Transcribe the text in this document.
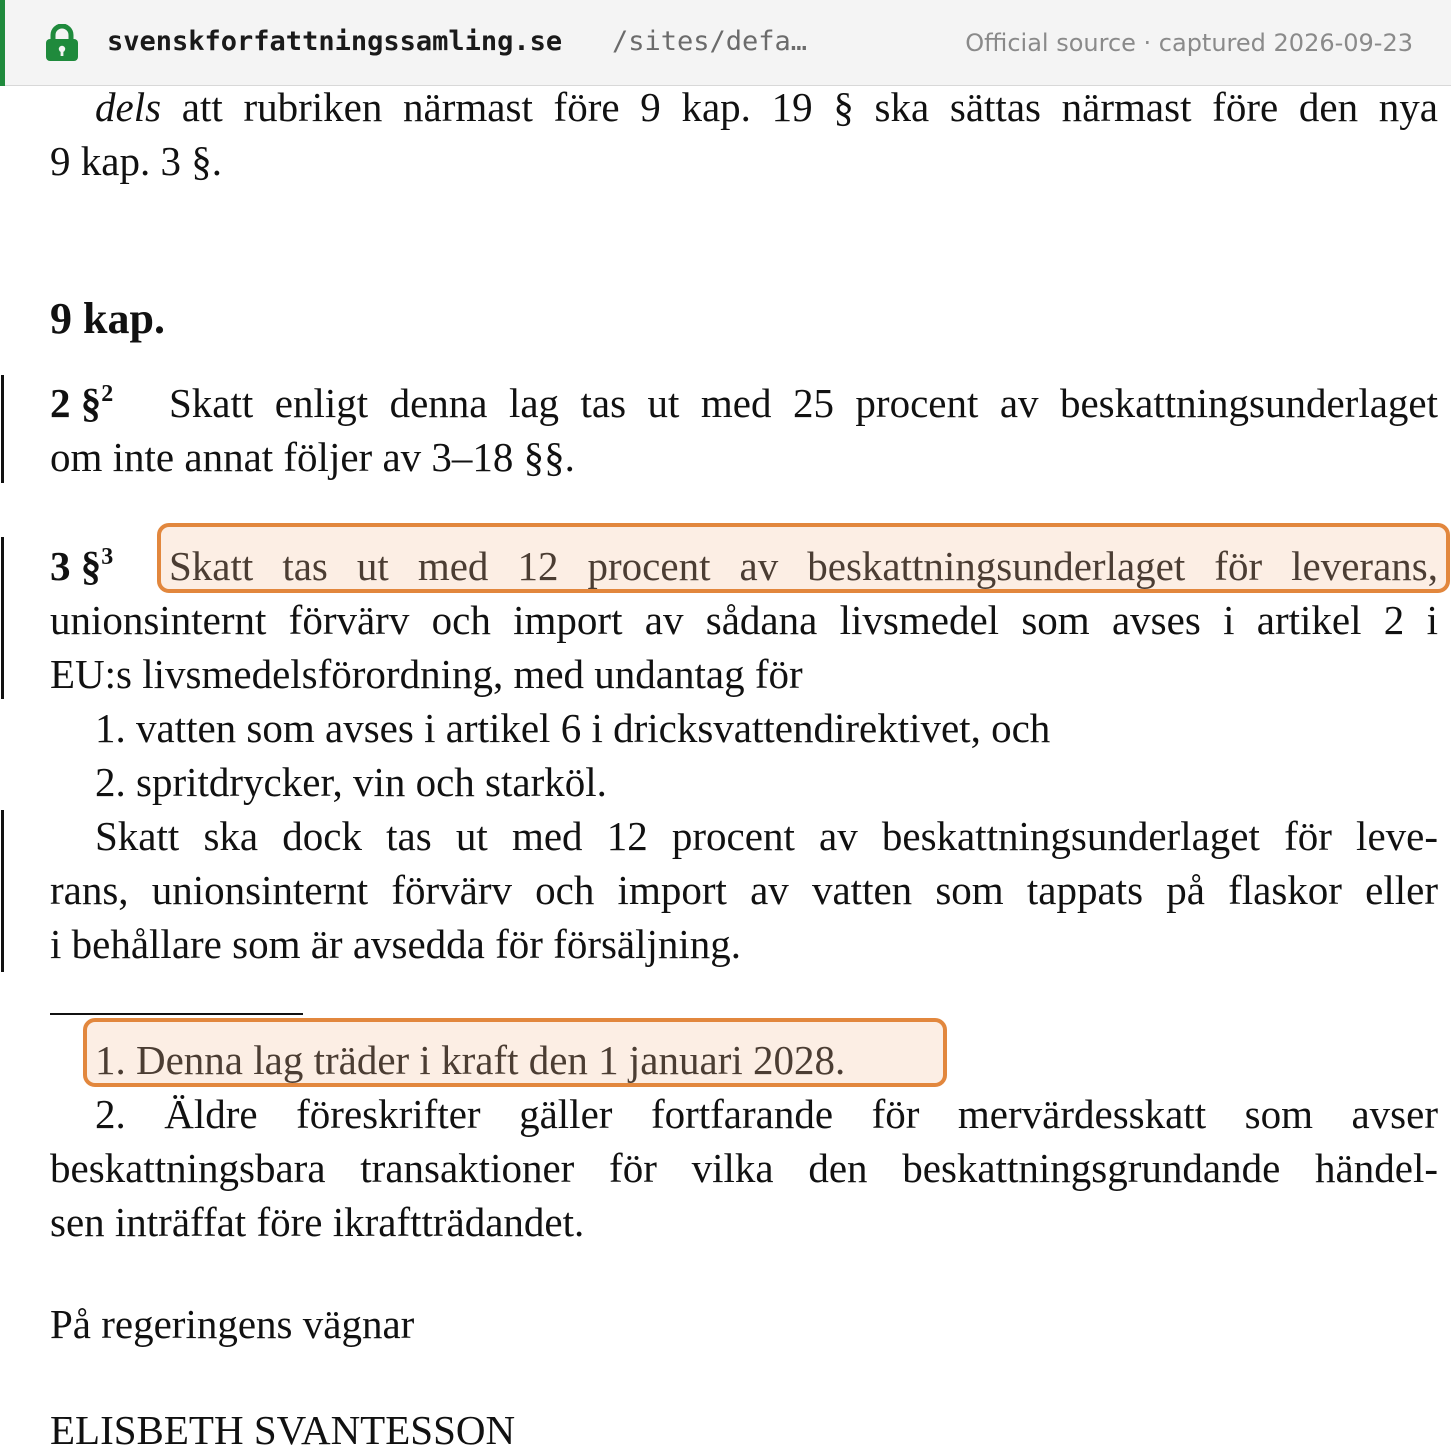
svenskforfattningssamling.se /sites/defa…	Official source · captured 2026-09-23
dels att rubriken närmast före 9 kap. 19 § ska sättas närmast före den nya
9 kap. 3 §.
9 kap.
2 §$^2$ Skatt enligt denna lag tas ut med 25 procent av beskattningsunderlaget
om inte annat följer av 3–18 §§.
3 §$^3$ Skatt tas ut med 12 procent av beskattningsunderlaget för leverans,
unionsinternt förvärv och import av sådana livsmedel som avses i artikel 2 i
EU:s livsmedelsförordning, med undantag för
1. vatten som avses i artikel 6 i dricksvattendirektivet, och
2. spritdrycker, vin och starköl.
Skatt ska dock tas ut med 12 procent av beskattningsunderlaget för leve-
rans, unionsinternt förvärv och import av vatten som tappats på flaskor eller
i behållare som är avsedda för försäljning.
1. Denna lag träder i kraft den 1 januari 2028.
2. Äldre föreskrifter gäller fortfarande för mervärdesskatt som avser
beskattningsbara transaktioner för vilka den beskattningsgrundande händel-
sen inträffat före ikraftträdandet.
På regeringens vägnar
ELISBETH SVANTESSON
